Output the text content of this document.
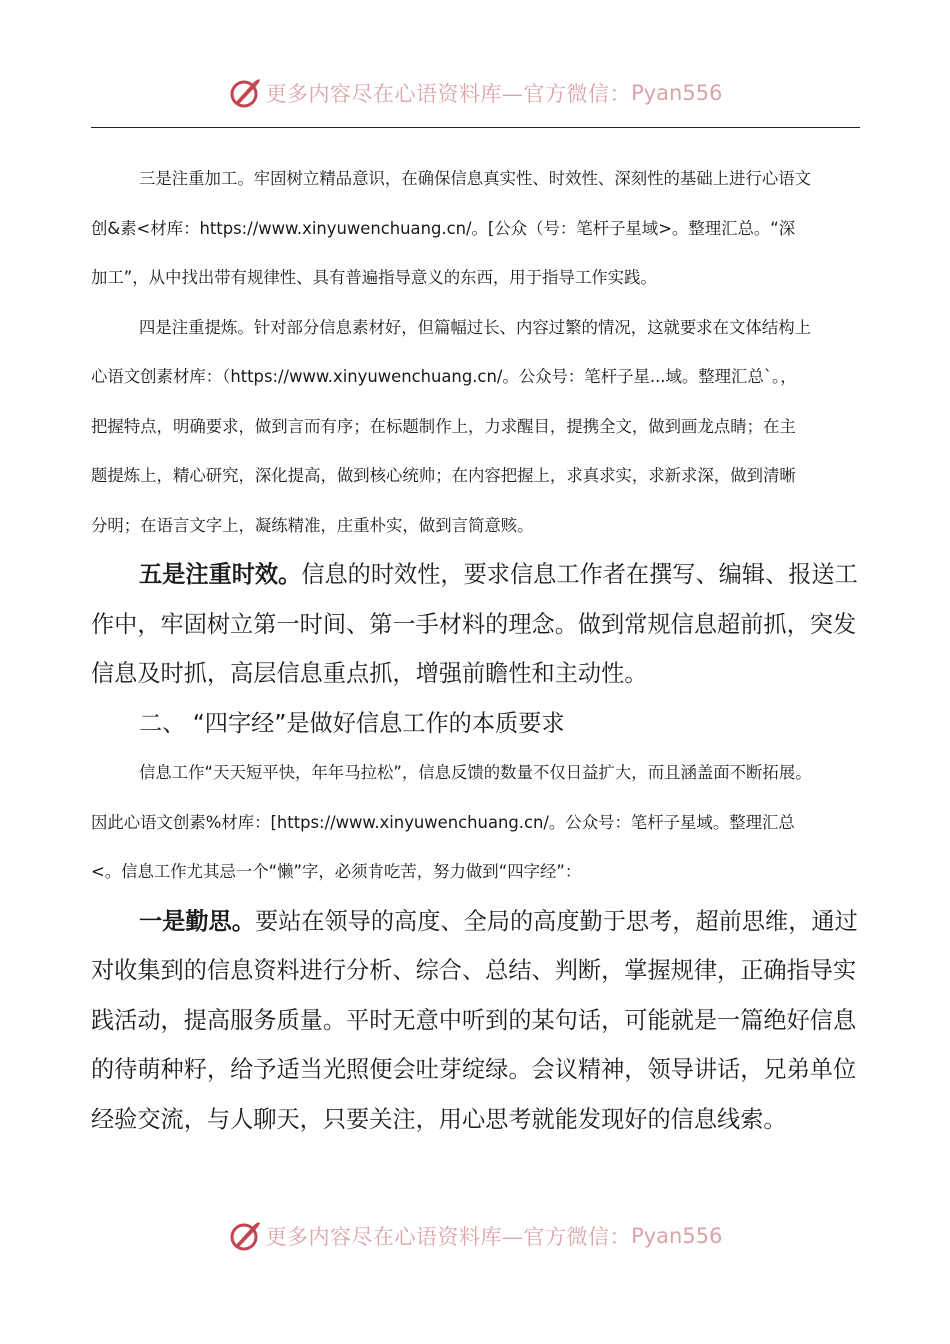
更多内容尽在心语资料库—官方微信： Pyan556

三是注重加工。牢固树立精品意识，在确保信息真实性、时效性、深刻性的基础上进行心语文

创&素<材库：https://www.xinyuwenchuang.cn/。[公众（号：笔杆子星域>。整理汇总。“深

加工”，从中找出带有规律性、具有普遍指导意义的东西，用于指导工作实践。

四是注重提炼。针对部分信息素材好，但篇幅过长、内容过繁的情况，这就要求在文体结构上

心语文创素材库：（https://www.xinyuwenchuang.cn/。公众号：笔杆子星...域。整理汇总`。，

把握特点，明确要求，做到言而有序；在标题制作上，力求醒目，提携全文，做到画龙点睛；在主

题提炼上，精心研究，深化提高，做到核心统帅；在内容把握上，求真求实，求新求深，做到清晰

分明；在语言文字上，凝练精准，庄重朴实，做到言简意赅。

五是注重时效。信息的时效性，要求信息工作者在撰写、编辑、报送工作中，牢固树立第一时间、第一手材料的理念。做到常规信息超前抓，突发信息及时抓，高层信息重点抓，增强前瞻性和主动性。

二、 “四字经”是做好信息工作的本质要求

信息工作“天天短平快，年年马拉松”，信息反馈的数量不仅日益扩大，而且涵盖面不断拓展。

因此心语文创素%材库：[https://www.xinyuwenchuang.cn/。公众号：笔杆子星域。整理汇总

<。信息工作尤其忌一个“懒”字，必须肯吃苦，努力做到“四字经”：

一是勤思。要站在领导的高度、全局的高度勤于思考，超前思维，通过对收集到的信息资料进行分析、综合、总结、判断，掌握规律，正确指导实践活动，提高服务质量。平时无意中听到的某句话，可能就是一篇绝好信息的待萌种籽，给予适当光照便会吐芽绽绿。会议精神，领导讲话，兄弟单位经验交流，与人聊天，只要关注，用心思考就能发现好的信息线索。

更多内容尽在心语资料库—官方微信： Pyan556
